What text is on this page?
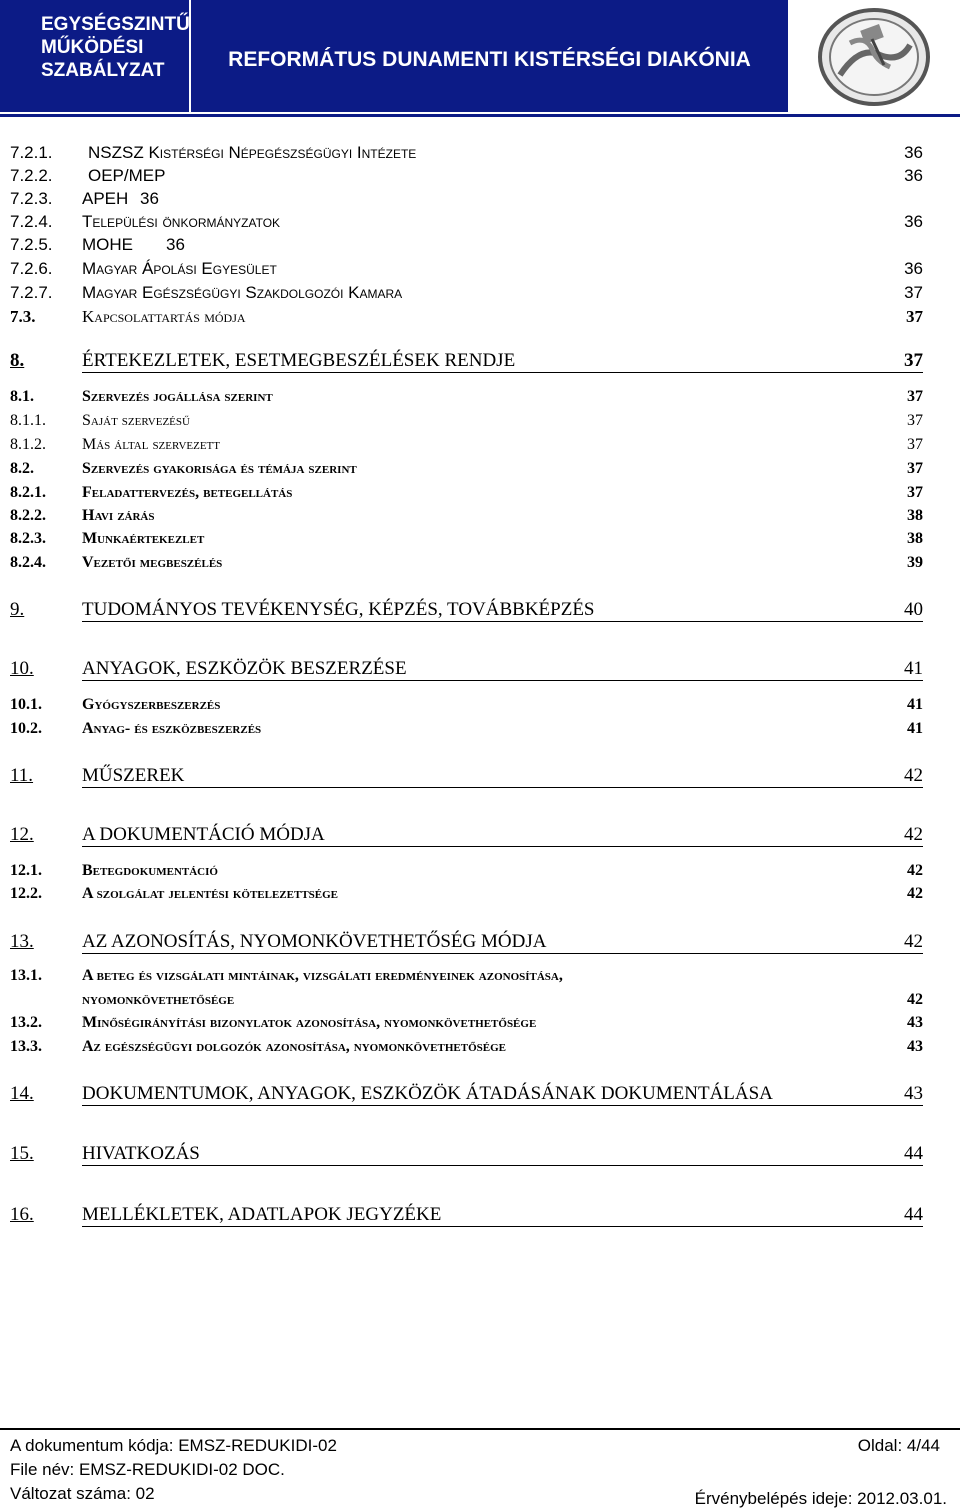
EGYSÉGSZINTŰ
MŰKÖDÉSI
SZABÁLYZAT	REFORMÁTUS DUNAMENTI KISTÉRSÉGI DIAKÓNIA
7.2.1. NSZSZ Kistérségi Népegészségügyi Intézete	36
7.2.2. OEP/MEP	36
7.2.3. APEH 36
7.2.4. Települési önkormányzatok	36
7.2.5. MOHE 36
7.2.6. Magyar Ápolási Egyesület	36
7.2.7. Magyar Egészségügyi Szakdolgozói Kamara	37
7.3.	Kapcsolattartás módja	37
8.	ÉRTEKEZLETEK, ESETMEGBESZÉLÉSEK RENDJE	37
8.1.	Szervezés jogállása szerint	37
8.1.1. Saját szervezésű	37
8.1.2. Más által szervezett	37
8.2.	Szervezés gyakorisága és témája szerint	37
8.2.1. Feladattervezés, betegellátás	37
8.2.2. Havi zárás	38
8.2.3. Munkaértekezlet	38
8.2.4. Vezetői megbeszélés	39
9.	TUDOMÁNYOS TEVÉKENYSÉG, KÉPZÉS, TOVÁBBKÉPZÉS	40
10.	ANYAGOK, ESZKÖZÖK BESZERZÉSE	41
10.1.	Gyógyszerbeszerzés	41
10.2.	Anyag- és eszközbeszerzés	41
11.	MŰSZEREK	42
12.	A DOKUMENTÁCIÓ MÓDJA	42
12.1.	Betegdokumentáció	42
12.2.	A szolgálat jelentési kötelezettsége	42
13.	AZ AZONOSÍTÁS, NYOMONKÖVETHETŐSÉG MÓDJA	42
13.1.	A beteg és vizsgálati mintáinak, vizsgálati eredményeinek azonosítása,
nyomonkövethetősége	42
13.2.	Minőségirányítási bizonylatok azonosítása, nyomonkövethetősége	43
13.3.	Az egészségügyi dolgozók azonosítása, nyomonkövethetősége	43
14.	DOKUMENTUMOK, ANYAGOK, ESZKÖZÖK ÁTADÁSÁNAK DOKUMENTÁLÁSA	43
15.	HIVATKOZÁS	44
16.	MELLÉKLETEK, ADATLAPOK JEGYZÉKE	44
A dokumentum kódja: EMSZ-REDUKIDI-02	Oldal: 4/44
File név: EMSZ-REDUKIDI-02 DOC.
Változat száma: 02	Érvénybelépés ideje: 2012.03.01.
